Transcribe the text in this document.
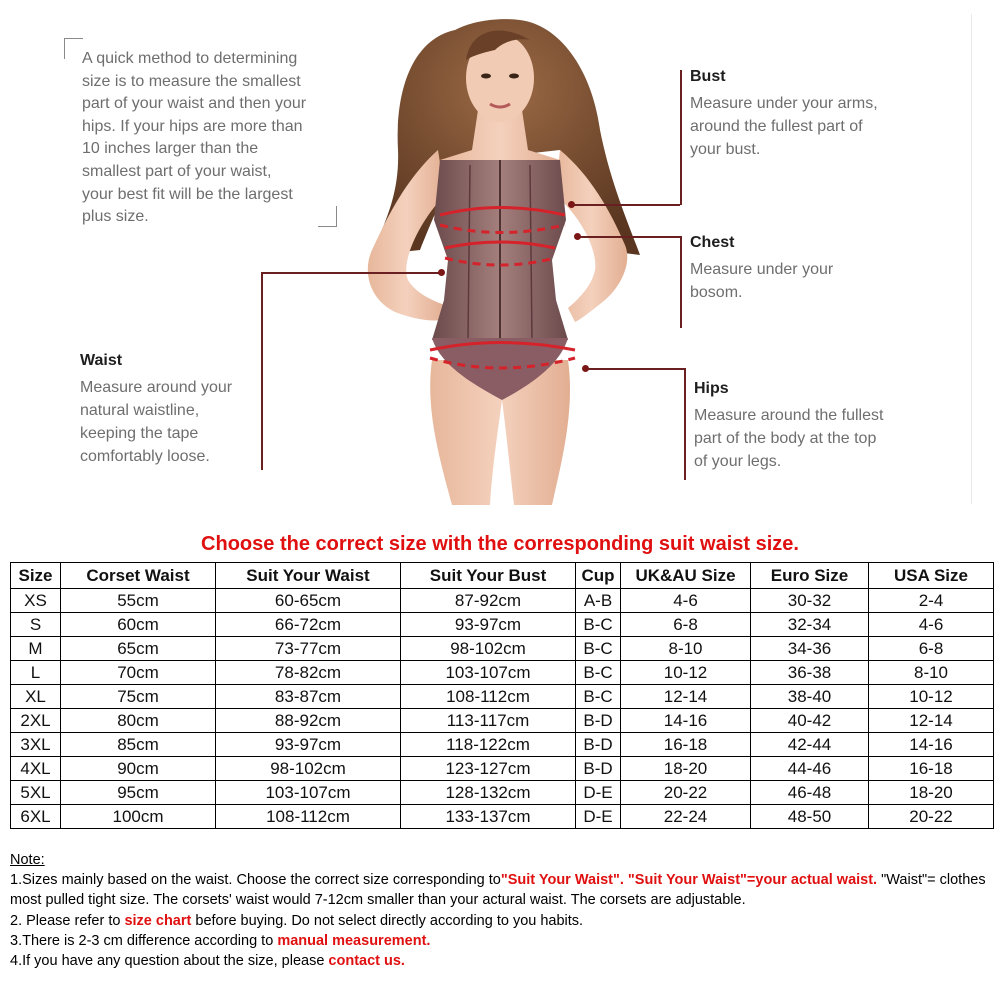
A quick method to determining
size is to measure the smallest
part of your waist and then your
hips. If your hips are more than
10 inches larger than the
smallest part of your waist,
your best fit will be the largest
plus size.
Bust
Measure under your arms,
around the fullest part of
your bust.
Chest
Measure under your
bosom.
Waist
Measure around your
natural waistline,
keeping the tape
comfortably loose.
Hips
Measure around the fullest
part of the body at the top
of your legs.
Choose the correct size with the corresponding suit waist size.
Size	Corset Waist	Suit Your Waist	Suit Your Bust	Cup	UK&AU Size	Euro Size	USA Size
XS	55cm	60-65cm	87-92cm	A-B	4-6	30-32	2-4
S	60cm	66-72cm	93-97cm	B-C	6-8	32-34	4-6
M	65cm	73-77cm	98-102cm	B-C	8-10	34-36	6-8
L	70cm	78-82cm	103-107cm	B-C	10-12	36-38	8-10
XL	75cm	83-87cm	108-112cm	B-C	12-14	38-40	10-12
2XL	80cm	88-92cm	113-117cm	B-D	14-16	40-42	12-14
3XL	85cm	93-97cm	118-122cm	B-D	16-18	42-44	14-16
4XL	90cm	98-102cm	123-127cm	B-D	18-20	44-46	16-18
5XL	95cm	103-107cm	128-132cm	D-E	20-22	46-48	18-20
6XL	100cm	108-112cm	133-137cm	D-E	22-24	48-50	20-22
Note:
1.Sizes mainly based on the waist. Choose the correct size corresponding to"Suit Your Waist". "Suit Your Waist"=your actual waist. "Waist"= clothes most pulled tight size. The corsets' waist would 7-12cm smaller than your actural waist. The corsets are adjustable.
2. Please refer to size chart before buying. Do not select directly according to you habits.
3.There is 2-3 cm difference according to manual measurement.
4.If you have any question about the size, please contact us.
